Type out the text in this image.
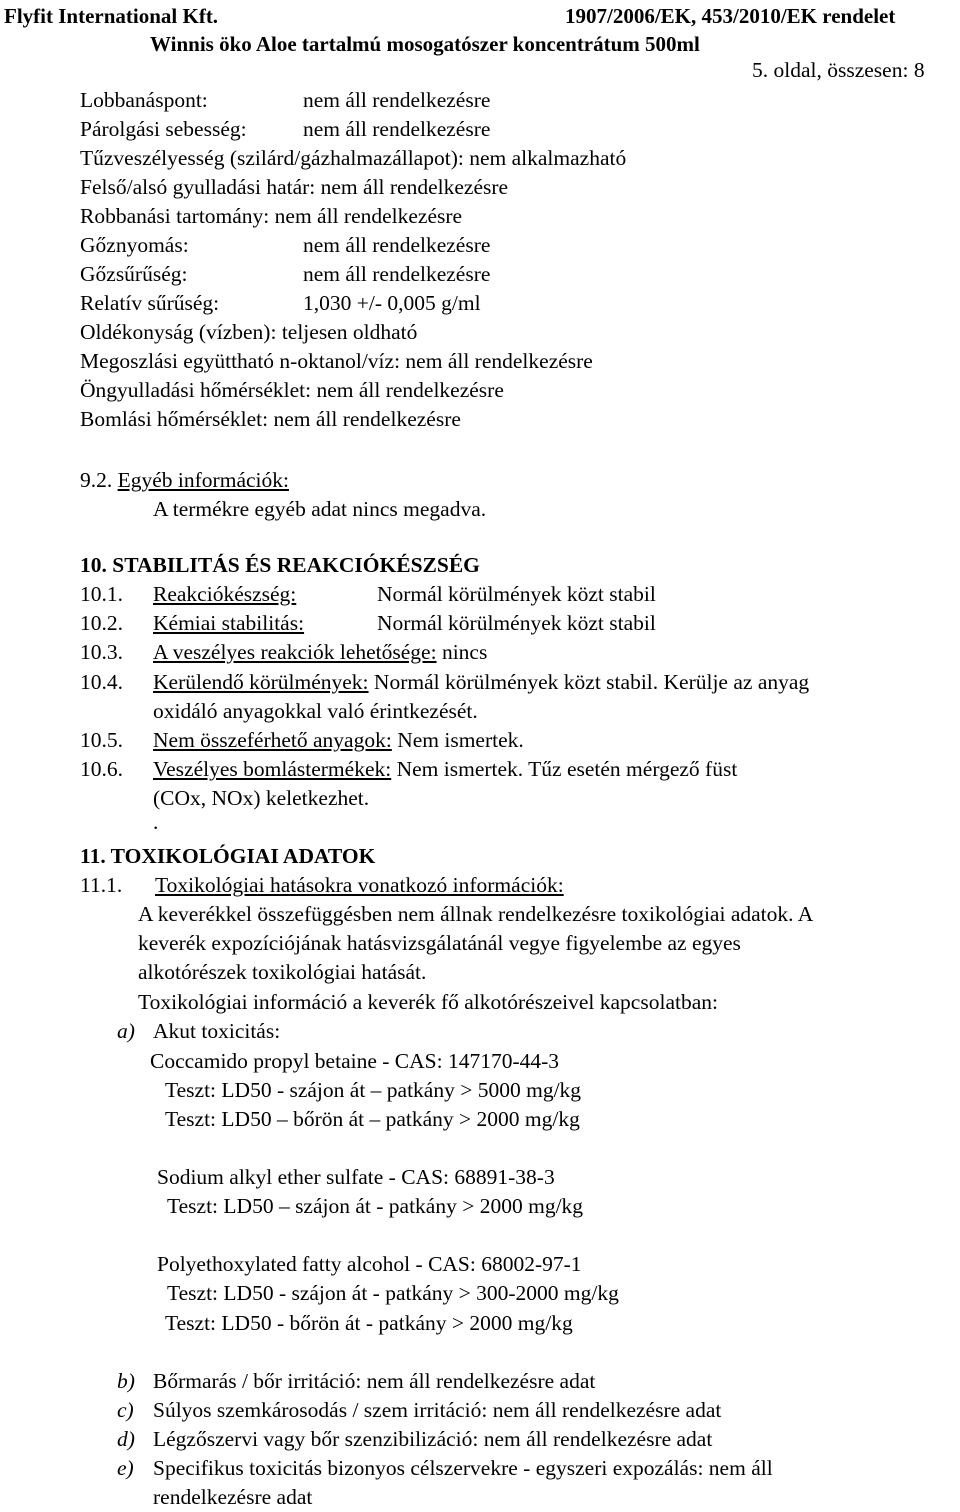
Flyfit International Kft.	1907/2006/EK, 453/2010/EK rendelet
Winnis öko Aloe tartalmú mosogatószer koncentrátum 500ml
5. oldal, összesen: 8
Lobbanáspont:	nem áll rendelkezésre
Párolgási sebesség:	nem áll rendelkezésre
Tűzveszélyesség (szilárd/gázhalmazállapot): nem alkalmazható
Felső/alsó gyulladási határ: nem áll rendelkezésre
Robbanási tartomány: nem áll rendelkezésre
Gőznyomás:	nem áll rendelkezésre
Gőzsűrűség:	nem áll rendelkezésre
Relatív sűrűség:	1,030 +/- 0,005 g/ml
Oldékonyság (vízben): teljesen oldható
Megoszlási együttható n-oktanol/víz: nem áll rendelkezésre
Öngyulladási hőmérséklet: nem áll rendelkezésre
Bomlási hőmérséklet: nem áll rendelkezésre
9.2. Egyéb információk:
A termékre egyéb adat nincs megadva.
10. STABILITÁS ÉS REAKCIÓKÉSZSÉG
10.1. Reakciókészség:	Normál körülmények közt stabil
10.2. Kémiai stabilitás:	Normál körülmények közt stabil
10.3. A veszélyes reakciók lehetősége: nincs
10.4. Kerülendő körülmények: Normál körülmények közt stabil. Kerülje az anyag
oxidáló anyagokkal való érintkezését.
10.5. Nem összeférhető anyagok: Nem ismertek.
10.6. Veszélyes bomlástermékek: Nem ismertek. Tűz esetén mérgező füst
(COx, NOx) keletkezhet.
.
11. TOXIKOLÓGIAI ADATOK
11.1. Toxikológiai hatásokra vonatkozó információk:
A keverékkel összefüggésben nem állnak rendelkezésre toxikológiai adatok. A
keverék expozíciójának hatásvizsgálatánál vegye figyelembe az egyes
alkotórészek toxikológiai hatását.
Toxikológiai információ a keverék fő alkotórészeivel kapcsolatban:
a) Akut toxicitás:
Coccamido propyl betaine - CAS: 147170-44-3
Teszt: LD50 - szájon át – patkány > 5000 mg/kg
Teszt: LD50 – bőrön át – patkány > 2000 mg/kg
Sodium alkyl ether sulfate - CAS: 68891-38-3
Teszt: LD50 – szájon át - patkány > 2000 mg/kg
Polyethoxylated fatty alcohol - CAS: 68002-97-1
Teszt: LD50 - szájon át - patkány > 300-2000 mg/kg
Teszt: LD50 - bőrön át - patkány > 2000 mg/kg
b) Bőrmarás / bőr irritáció: nem áll rendelkezésre adat
c) Súlyos szemkárosodás / szem irritáció: nem áll rendelkezésre adat
d) Légzőszervi vagy bőr szenzibilizáció: nem áll rendelkezésre adat
e) Specifikus toxicitás bizonyos célszervekre - egyszeri expozálás: nem áll
rendelkezésre adat
